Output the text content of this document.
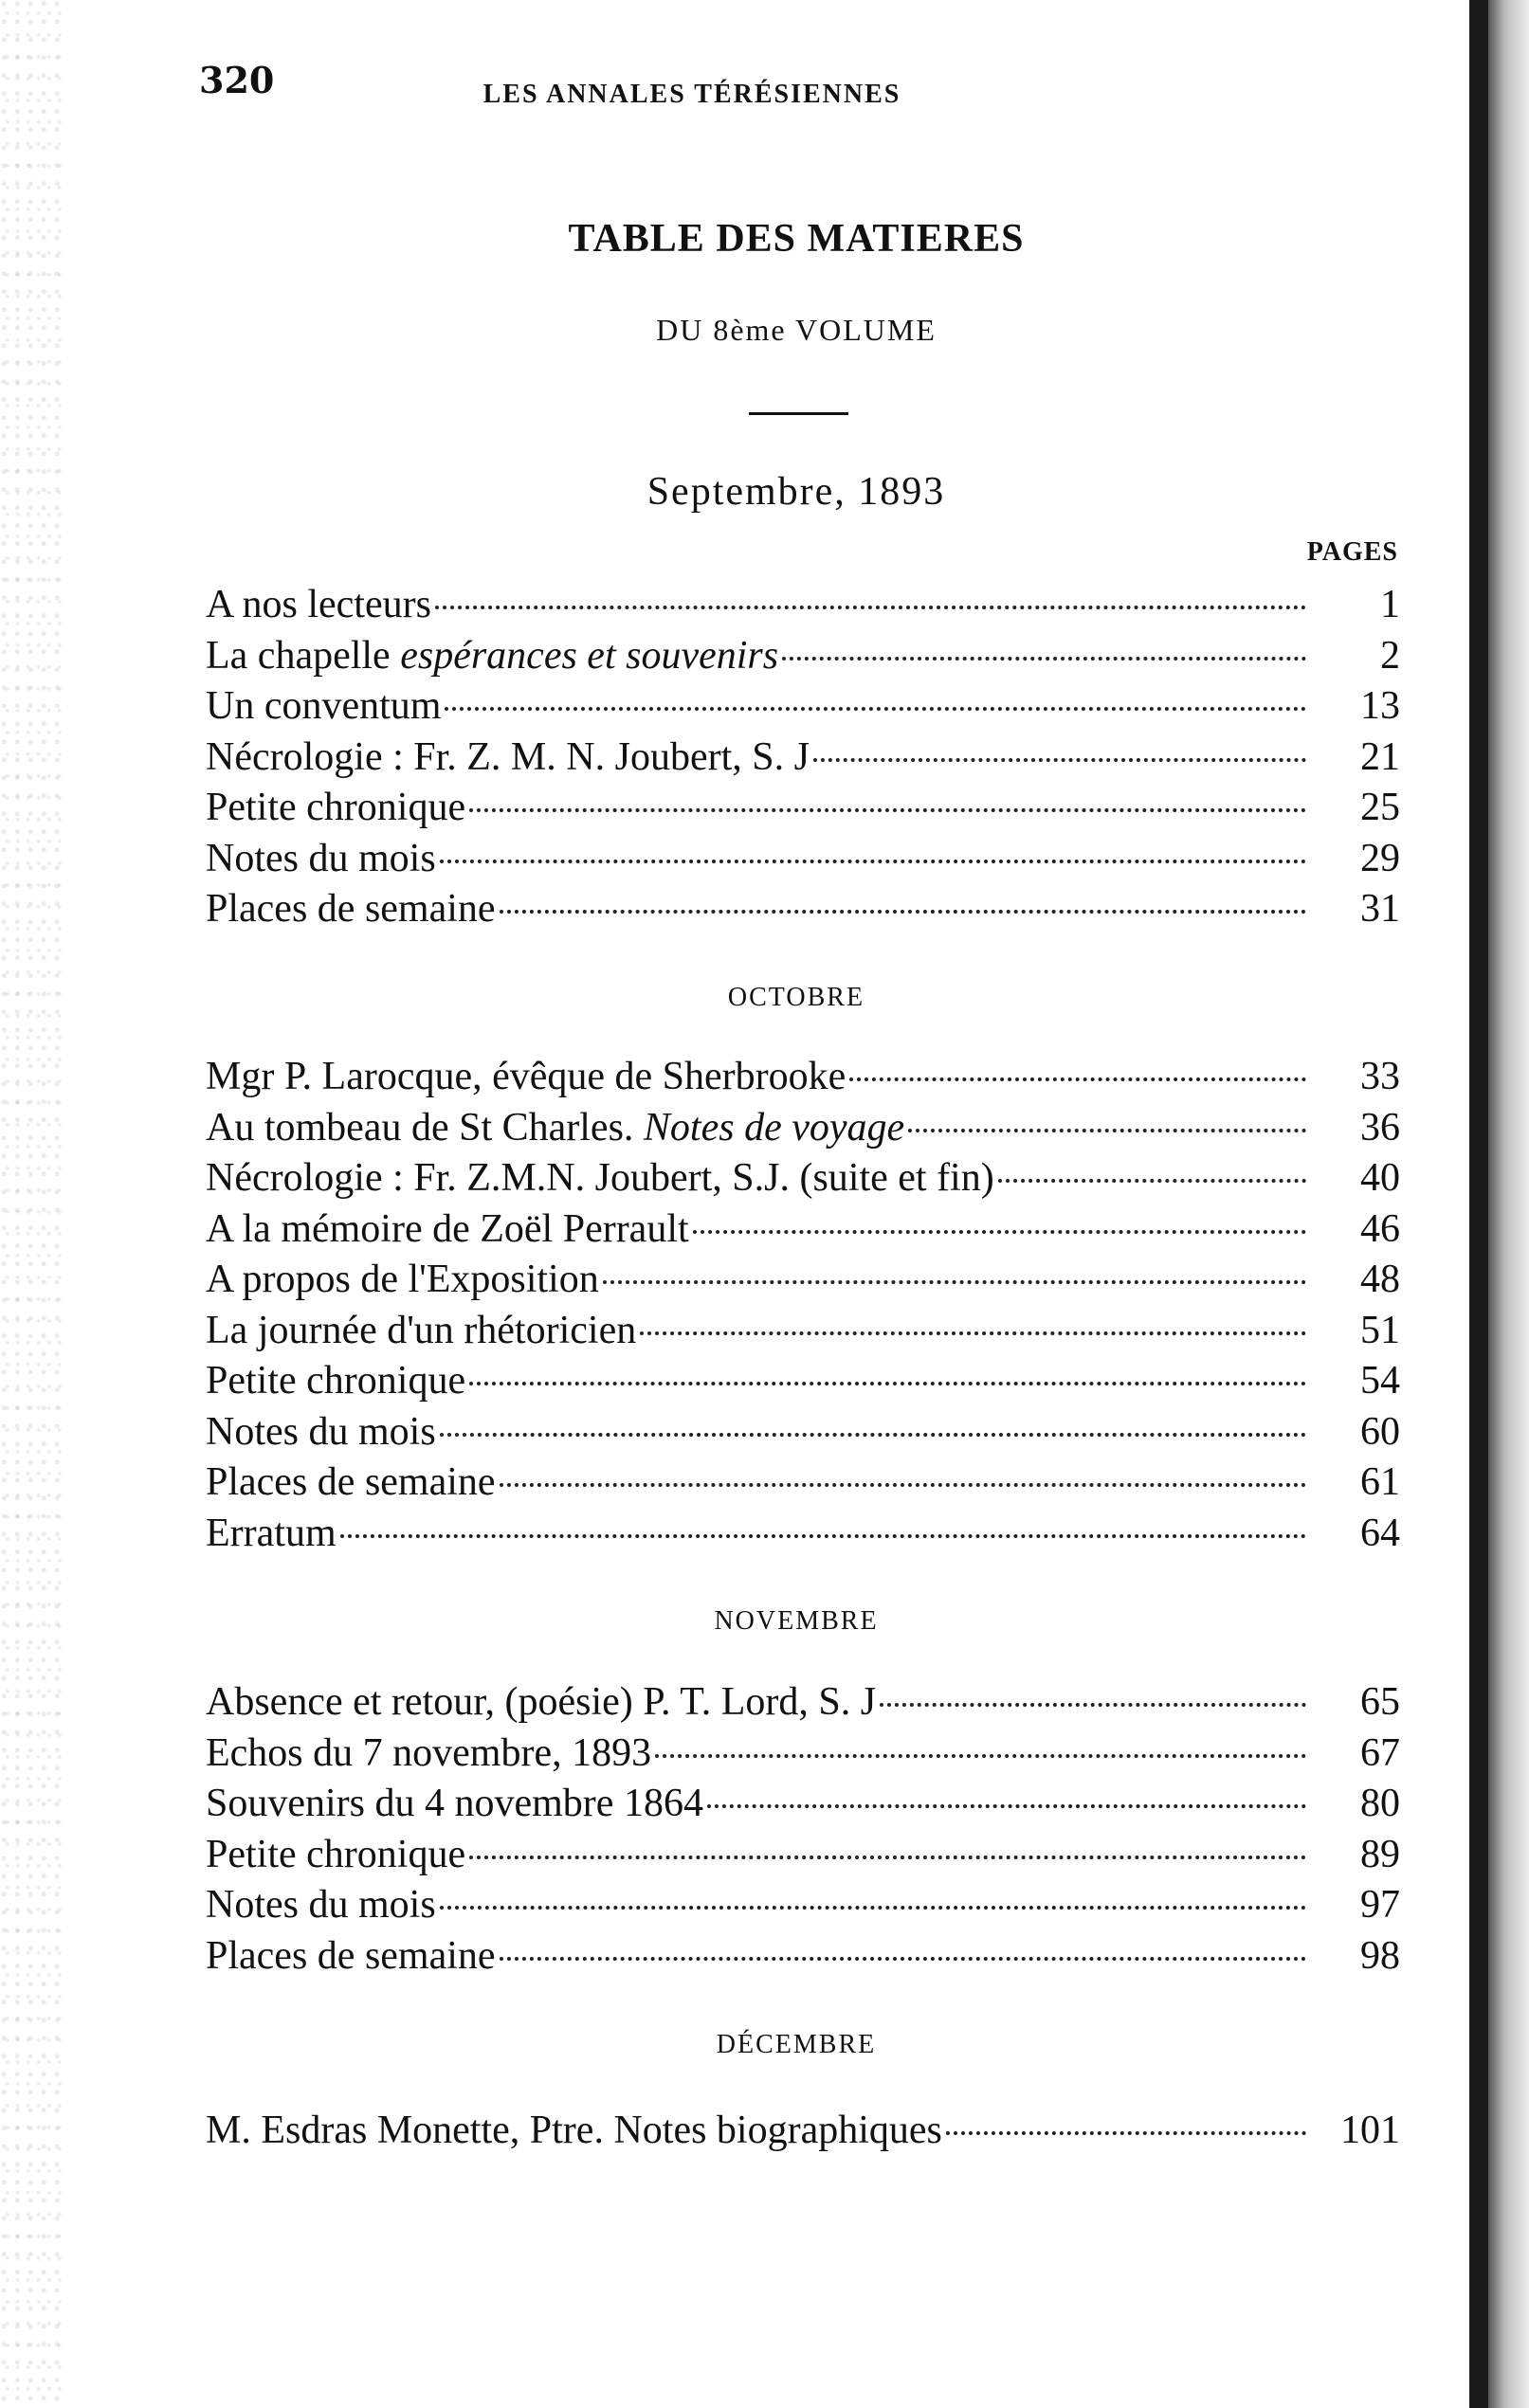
320	LES ANNALES TÉRÉSIENNES
TABLE DES MATIERES
DU 8ème VOLUME
Septembre, 1893
PAGES
A nos lecteurs	1
La chapelle espérances et souvenirs	2
Un conventum	13
Nécrologie : Fr. Z. M. N. Joubert, S. J	21
Petite chronique	25
Notes du mois	29
Places de semaine	31
OCTOBRE
Mgr P. Larocque, évêque de Sherbrooke	33
Au tombeau de St Charles. Notes de voyage	36
Nécrologie : Fr. Z.M.N. Joubert, S.J. (suite et fin)	40
A la mémoire de Zoël Perrault	46
A propos de l'Exposition	48
La journée d'un rhétoricien	51
Petite chronique	54
Notes du mois	60
Places de semaine	61
Erratum	64
NOVEMBRE
Absence et retour, (poésie) P. T. Lord, S. J	65
Echos du 7 novembre, 1893	67
Souvenirs du 4 novembre 1864	80
Petite chronique	89
Notes du mois	97
Places de semaine	98
DÉCEMBRE
M. Esdras Monette, Ptre. Notes biographiques	101
